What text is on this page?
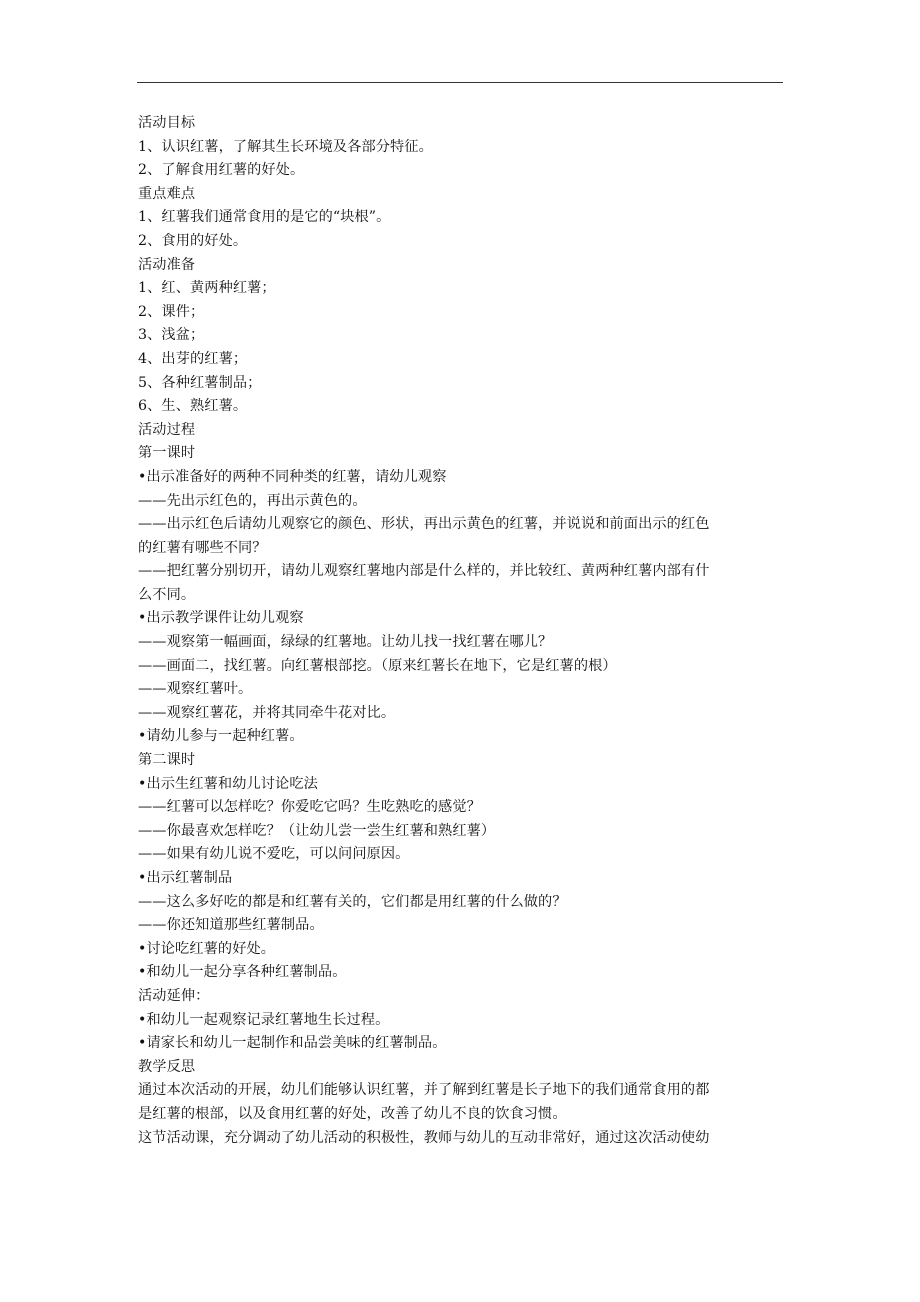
活动目标
1、认识红薯，了解其生长环境及各部分特征。
2、了解食用红薯的好处。
重点难点
1、红薯我们通常食用的是它的“块根”。
2、食用的好处。
活动准备
1、红、黄两种红薯；
2、课件；
3、浅盆；
4、出芽的红薯；
5、各种红薯制品；
6、生、熟红薯。
活动过程
第一课时
•出示准备好的两种不同种类的红薯，请幼儿观察
——先出示红色的，再出示黄色的。
——出示红色后请幼儿观察它的颜色、形状，再出示黄色的红薯，并说说和前面出示的红色
的红薯有哪些不同？
——把红薯分别切开，请幼儿观察红薯地内部是什么样的，并比较红、黄两种红薯内部有什
么不同。
•出示教学课件让幼儿观察
——观察第一幅画面，绿绿的红薯地。让幼儿找一找红薯在哪儿？
——画面二，找红薯。向红薯根部挖。（原来红薯长在地下，它是红薯的根）
——观察红薯叶。
——观察红薯花，并将其同牵牛花对比。
•请幼儿参与一起种红薯。
第二课时
•出示生红薯和幼儿讨论吃法
——红薯可以怎样吃？你爱吃它吗？生吃熟吃的感觉？
——你最喜欢怎样吃？（让幼儿尝一尝生红薯和熟红薯）
——如果有幼儿说不爱吃，可以问问原因。
•出示红薯制品
——这么多好吃的都是和红薯有关的，它们都是用红薯的什么做的？
——你还知道那些红薯制品。
•讨论吃红薯的好处。
•和幼儿一起分享各种红薯制品。
活动延伸：
•和幼儿一起观察记录红薯地生长过程。
•请家长和幼儿一起制作和品尝美味的红薯制品。
教学反思
通过本次活动的开展，幼儿们能够认识红薯，并了解到红薯是长子地下的我们通常食用的都
是红薯的根部，以及食用红薯的好处，改善了幼儿不良的饮食习惯。
这节活动课，充分调动了幼儿活动的积极性，教师与幼儿的互动非常好，通过这次活动使幼
